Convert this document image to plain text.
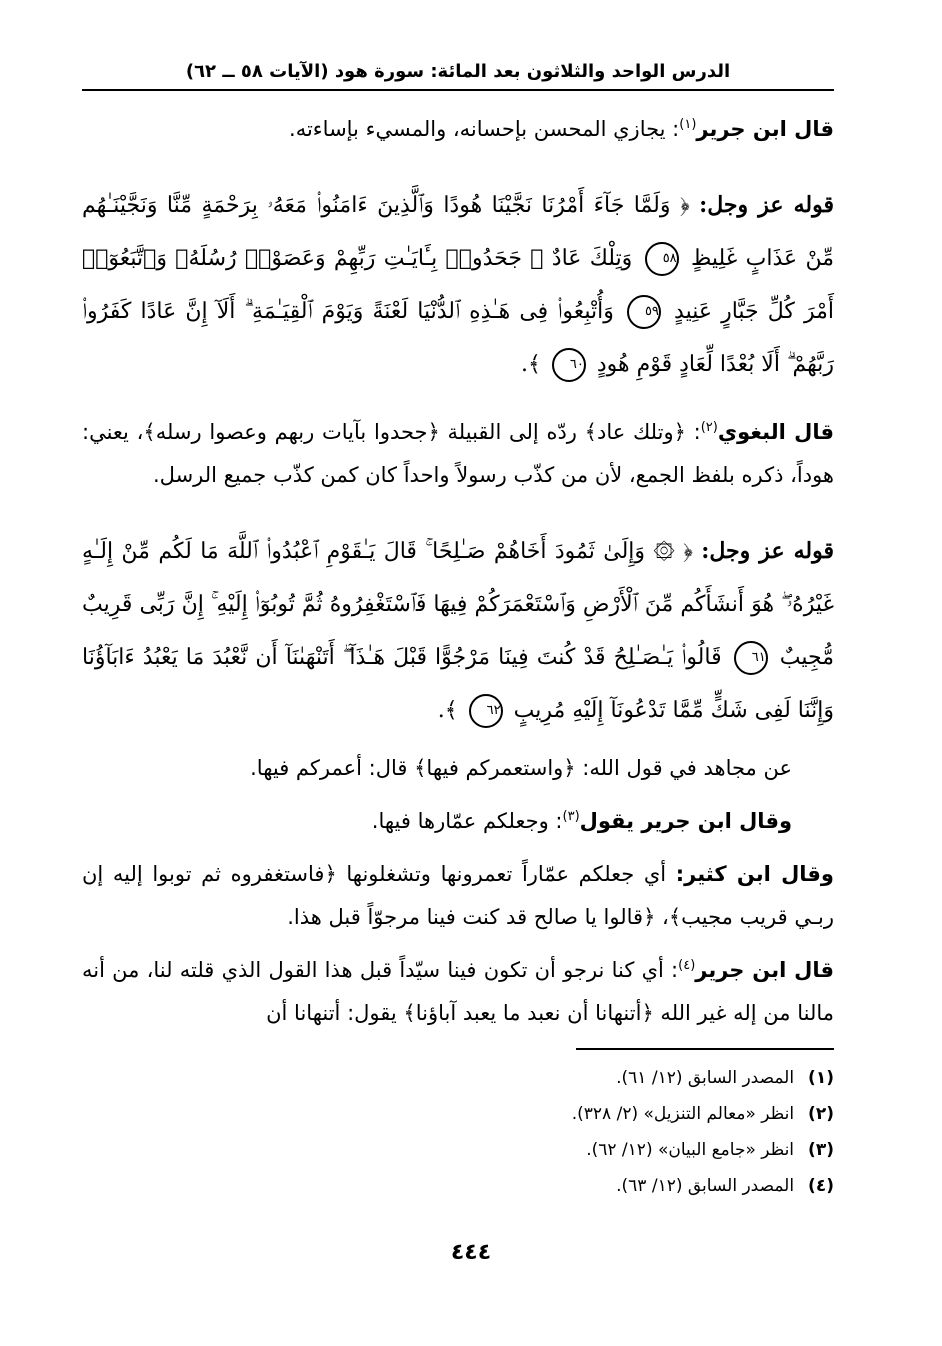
الدرس الواحد والثلاثون بعد المائة: سورة هود (الآيات ٥٨ ــ ٦٢)

قال ابن جرير$^{(١)}$: يجازي المحسن بإحسانه، والمسيء بإساءته.

قوله عز وجل: ﴿ وَلَمَّا جَآءَ أَمْرُنَا نَجَّيْنَا هُودًا وَٱلَّذِينَ ءَامَنُوا۟ مَعَهُۥ بِرَحْمَةٍ مِّنَّا وَنَجَّيْنَـٰهُم مِّنْ عَذَابٍ غَلِيظٍ ٥٨ وَتِلْكَ عَادٌ ۖ جَحَدُوا۟ بِـَٔايَـٰتِ رَبِّهِمْ وَعَصَوْا۟ رُسُلَهُۥ وَٱتَّبَعُوٓا۟ أَمْرَ كُلِّ جَبَّارٍ عَنِيدٍ ٥٩ وَأُتْبِعُوا۟ فِى هَـٰذِهِ ٱلدُّنْيَا لَعْنَةً وَيَوْمَ ٱلْقِيَـٰمَةِ ۗ أَلَآ إِنَّ عَادًا كَفَرُوا۟ رَبَّهُمْ ۗ أَلَا بُعْدًا لِّعَادٍ قَوْمِ هُودٍ ٦٠ ﴾.

قال البغوي$^{(٢)}$: ﴿وتلك عاد﴾ ردّه إلى القبيلة ﴿جحدوا بآيات ربهم وعصوا رسله﴾، يعني: هوداً، ذكره بلفظ الجمع، لأن من كذّب رسولاً واحداً كان كمن كذّب جميع الرسل.

قوله عز وجل: ﴿ ۞ وَإِلَىٰ ثَمُودَ أَخَاهُمْ صَـٰلِحًا ۚ قَالَ يَـٰقَوْمِ ٱعْبُدُوا۟ ٱللَّهَ مَا لَكُم مِّنْ إِلَـٰهٍ غَيْرُهُۥ ۖ هُوَ أَنشَأَكُم مِّنَ ٱلْأَرْضِ وَٱسْتَعْمَرَكُمْ فِيهَا فَٱسْتَغْفِرُوهُ ثُمَّ تُوبُوٓا۟ إِلَيْهِ ۚ إِنَّ رَبِّى قَرِيبٌ مُّجِيبٌ ٦١ قَالُوا۟ يَـٰصَـٰلِحُ قَدْ كُنتَ فِينَا مَرْجُوًّا قَبْلَ هَـٰذَآ ۖ أَتَنْهَىٰنَآ أَن نَّعْبُدَ مَا يَعْبُدُ ءَابَآؤُنَا وَإِنَّنَا لَفِى شَكٍّ مِّمَّا تَدْعُونَآ إِلَيْهِ مُرِيبٍ ٦٢ ﴾.

عن مجاهد في قول الله: ﴿واستعمركم فيها﴾ قال: أعمركم فيها.

وقال ابن جرير يقول$^{(٣)}$: وجعلكم عمّارها فيها.

وقال ابن كثير: أي جعلكم عمّاراً تعمرونها وتشغلونها ﴿فاستغفروه ثم توبوا إليه إن ربـي قريب مجيب﴾، ﴿قالوا يا صالح قد كنت فينا مرجوّاً قبل هذا.

قال ابن جرير$^{(٤)}$: أي كنا نرجو أن تكون فينا سيّداً قبل هذا القول الذي قلته لنا، من أنه مالنا من إله غير الله ﴿أتنهانا أن نعبد ما يعبد آباؤنا﴾ يقول: أتنهانا أن

(١)المصدر السابق (١٢/ ٦١).
(٢)انظر «معالم التنزيل» (٢/ ٣٢٨).
(٣)انظر «جامع البيان» (١٢/ ٦٢).
(٤)المصدر السابق (١٢/ ٦٣).
٤٤٤
